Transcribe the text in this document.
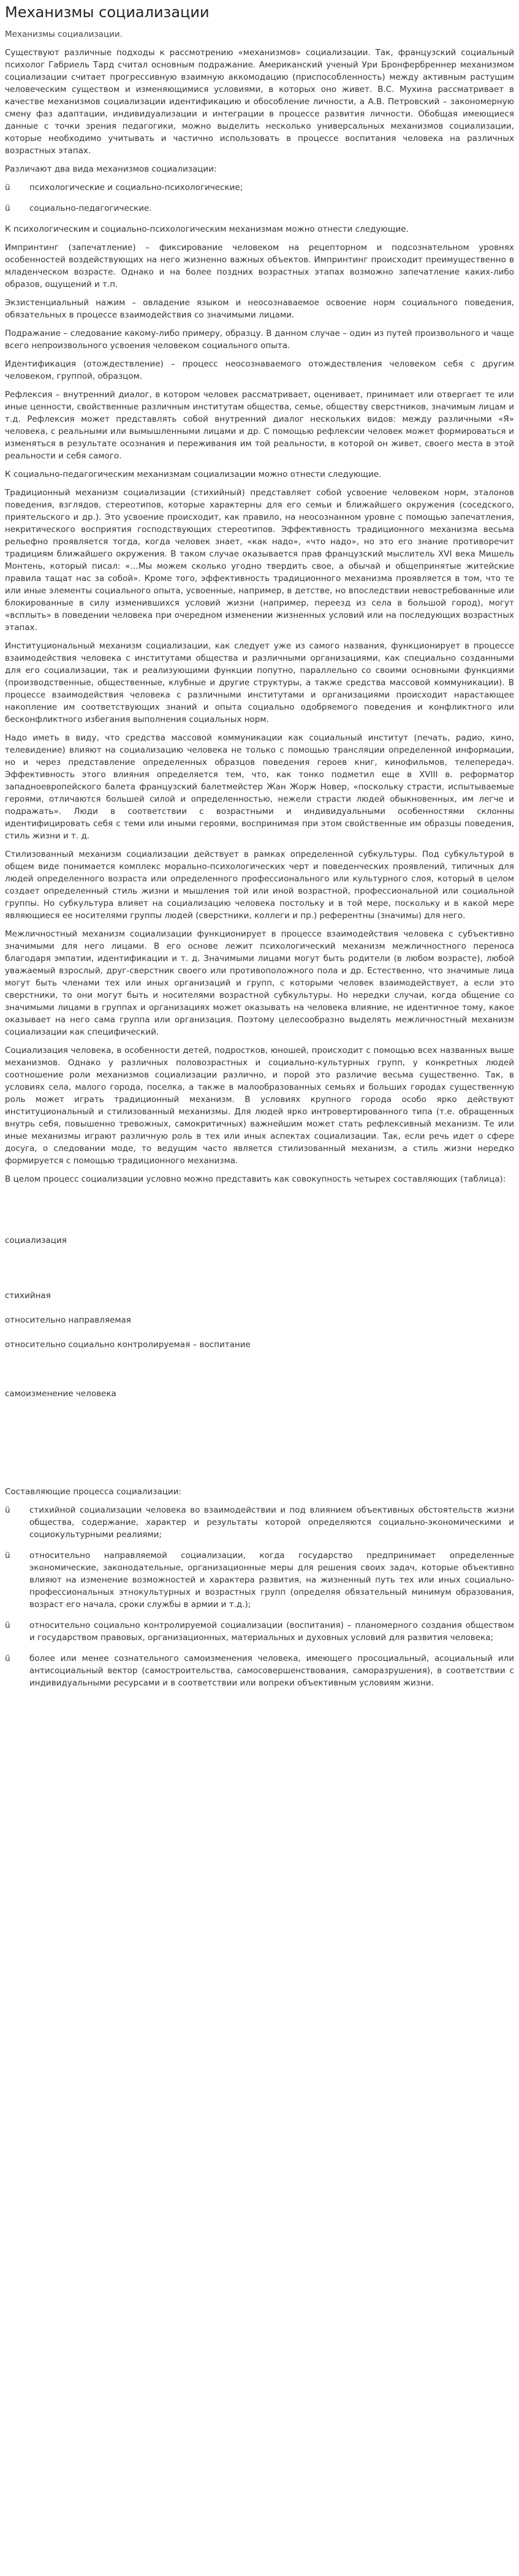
Механизмы социализации
Механизмы социализации.

Существуют различные подходы к рассмотрению «механизмов» социализации. Так, французский социальный психолог Габриель Тард считал основным подражание. Американский ученый Ури Бронфербреннер механизмом социализации считает прогрессивную взаимную аккомодацию (приспособленность) между активным растущим человеческим существом и изменяющимися условиями, в которых оно живет. В.С. Мухина рассматривает в качестве механизмов социализации идентификацию и обособление личности, а А.В. Петровский – закономерную смену фаз адаптации, индивидуализации и интеграции в процессе развития личности. Обобщая имеющиеся данные с точки зрения педагогики, можно выделить несколько универсальных механизмов социализации, которые необходимо учитывать и частично использовать в процессе воспитания человека на различных возрастных этапах.

Различают два вида механизмов социализации:

ü	психологические и социально-психологические;
ü	социально-педагогические.

К психологическим и социально-психологическим механизмам можно отнести следующие.

Импринтинг (запечатление) – фиксирование человеком на рецепторном и подсознательном уровнях особенностей воздействующих на него жизненно важных объектов. Импринтинг происходит преимущественно в младенческом возрасте. Однако и на более поздних возрастных этапах возможно запечатление каких-либо образов, ощущений и т.п.

Экзистенциальный нажим – овладение языком и неосознаваемое освоение норм социального поведения, обязательных в процессе взаимодействия со значимыми лицами.

Подражание – следование какому-либо примеру, образцу. В данном случае – один из путей произвольного и чаще всего непроизвольного усвоения человеком социального опыта.

Идентификация (отождествление) – процесс неосознаваемого отождествления человеком себя с другим человеком, группой, образцом.

Рефлексия – внутренний диалог, в котором человек рассматривает, оценивает, принимает или отвергает те или иные ценности, свойственные различным институтам общества, семье, обществу сверстников, значимым лицам и т.д. Рефлексия может представлять собой внутренний диалог нескольких видов: между различными «Я» человека, с реальными или вымышленными лицами и др. С помощью рефлексии человек может формироваться и изменяться в результате осознания и переживания им той реальности, в которой он живет, своего места в этой реальности и себя самого.

К социально-педагогическим механизмам социализации можно отнести следующие.

Традиционный механизм социализации (стихийный) представляет собой усвоение человеком норм, эталонов поведения, взглядов, стереотипов, которые характерны для его семьи и ближайшего окружения (соседского, приятельского и др.). Это усвоение происходит, как правило, на неосознанном уровне с помощью запечатления, некритического восприятия господствующих стереотипов. Эффективность традиционного механизма весьма рельефно проявляется тогда, когда человек знает, «как надо», «что надо», но это его знание противоречит традициям ближайшего окружения. В таком случае оказывается прав французский мыслитель XVI века Мишель Монтень, который писал: «…Мы можем сколько угодно твердить свое, а обычай и общепринятые житейские правила тащат нас за собой». Кроме того, эффективность традиционного механизма проявляется в том, что те или иные элементы социального опыта, усвоенные, например, в детстве, но впоследствии невостребованные или блокированные в силу изменившихся условий жизни (например, переезд из села в большой город), могут «всплыть» в поведении человека при очередном изменении жизненных условий или на последующих возрастных этапах.

Институциональный механизм социализации, как следует уже из самого названия, функционирует в процессе взаимодействия человека с институтами общества и различными организациями, как специально созданными для его социализации, так и реализующими функции попутно, параллельно со своими основными функциями (производственные, общественные, клубные и другие структуры, а также средства массовой коммуникации). В процессе взаимодействия человека с различными институтами и организациями происходит нарастающее накопление им соответствующих знаний и опыта социально одобряемого поведения и конфликтного или бесконфликтного избегания выполнения социальных норм.

Надо иметь в виду, что средства массовой коммуникации как социальный институт (печать, радио, кино, телевидение) влияют на социализацию человека не только с помощью трансляции определенной информации, но и через представление определенных образцов поведения героев книг, кинофильмов, телепередач. Эффективность этого влияния определяется тем, что, как тонко подметил еще в XVIII в. реформатор западноевропейского балета французский балетмейстер Жан Жорж Новер, «поскольку страсти, испытываемые героями, отличаются большей силой и определенностью, нежели страсти людей обыкновенных, им легче и подражать». Люди в соответствии с возрастными и индивидуальными особенностями склонны идентифицировать себя с теми или иными героями, воспринимая при этом свойственные им образцы поведения, стиль жизни и т. д.

Стилизованный механизм социализации действует в рамках определенной субкультуры. Под субкультурой в общем виде понимается комплекс морально-психологических черт и поведенческих проявлений, типичных для людей определенного возраста или определенного профессионального или культурного слоя, который в целом создает определенный стиль жизни и мышления той или иной возрастной, профессиональной или социальной группы. Но субкультура влияет на социализацию человека постольку и в той мере, поскольку и в какой мере являющиеся ее носителями группы людей (сверстники, коллеги и пр.) референтны (значимы) для него.

Межличностный механизм социализации функционирует в процессе взаимодействия человека с субъективно значимыми для него лицами. В его основе лежит психологический механизм межличностного переноса благодаря эмпатии, идентификации и т. д. Значимыми лицами могут быть родители (в любом возрасте), любой уважаемый взрослый, друг-сверстник своего или противоположного пола и др. Естественно, что значимые лица могут быть членами тех или иных организаций и групп, с которыми человек взаимодействует, а если это сверстники, то они могут быть и носителями возрастной субкультуры. Но нередки случаи, когда общение со значимыми лицами в группах и организациях может оказывать на человека влияние, не идентичное тому, какое оказывает на него сама группа или организация. Поэтому целесообразно выделять межличностный механизм социализации как специфический.

Социализация человека, в особенности детей, подростков, юношей, происходит с помощью всех названных выше механизмов. Однако у различных половозрастных и социально-культурных групп, у конкретных людей соотношение роли механизмов социализации различно, и порой это различие весьма существенно. Так, в условиях села, малого города, поселка, а также в малообразованных семьях и больших городах существенную роль может играть традиционный механизм. В условиях крупного города особо ярко действуют институциональный и стилизованный механизмы. Для людей ярко интровертированного типа (т.е. обращенных внутрь себя, повышенно тревожных, самокритичных) важнейшим может стать рефлексивный механизм. Те или иные механизмы играют различную роль в тех или иных аспектах социализации. Так, если речь идет о сфере досуга, о следовании моде, то ведущим часто является стилизованный механизм, а стиль жизни нередко формируется с помощью традиционного механизма.

В целом процесс социализации условно можно представить как совокупность четырех составляющих (таблица):

социализация
стихийная
относительно направляемая
относительно социально контролируемая – воспитание
самоизменение человека

Составляющие процесса социализации:

ü	стихийной социализации человека во взаимодействии и под влиянием объективных обстоятельств жизни общества, содержание, характер и результаты которой определяются социально-экономическими и социокультурными реалиями;
ü	относительно направляемой социализации, когда государство предпринимает определенные экономические, законодательные, организационные меры для решения своих задач, которые объективно влияют на изменение возможностей и характера развития, на жизненный путь тех или иных социально-профессиональных этнокультурных и возрастных групп (определяя обязательный минимум образования, возраст его начала, сроки службы в армии и т.д.);
ü	относительно социально контролируемой социализации (воспитания) – планомерного создания обществом и государством правовых, организационных, материальных и духовных условий для развития человека;
ü	более или менее сознательного самоизменения человека, имеющего просоциальный, асоциальный или антисоциальный вектор (самостроительства, самосовершенствования, саморазрушения), в соответствии с индивидуальными ресурсами и в соответствии или вопреки объективным условиям жизни.
